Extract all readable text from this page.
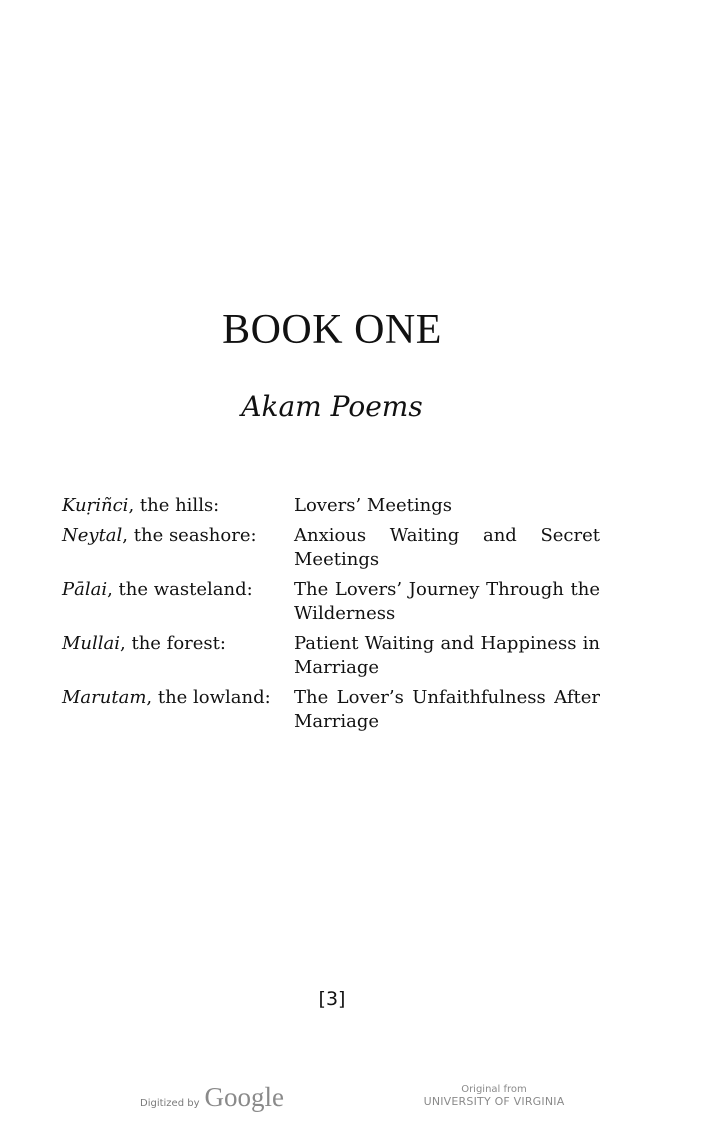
BOOK ONE
Akam Poems
Kuṛiñci, the hills:	Lovers’ Meetings
Neytal, the seashore:	Anxious Waiting and Secret Meetings
Pālai, the wasteland:	The Lovers’ Journey Through the Wilderness
Mullai, the forest:	Patient Waiting and Happiness in Marriage
Marutam, the lowland:	The Lover’s Unfaithfulness After Marriage
[3]
Digitized by Google	Original from
UNIVERSITY OF VIRGINIA
